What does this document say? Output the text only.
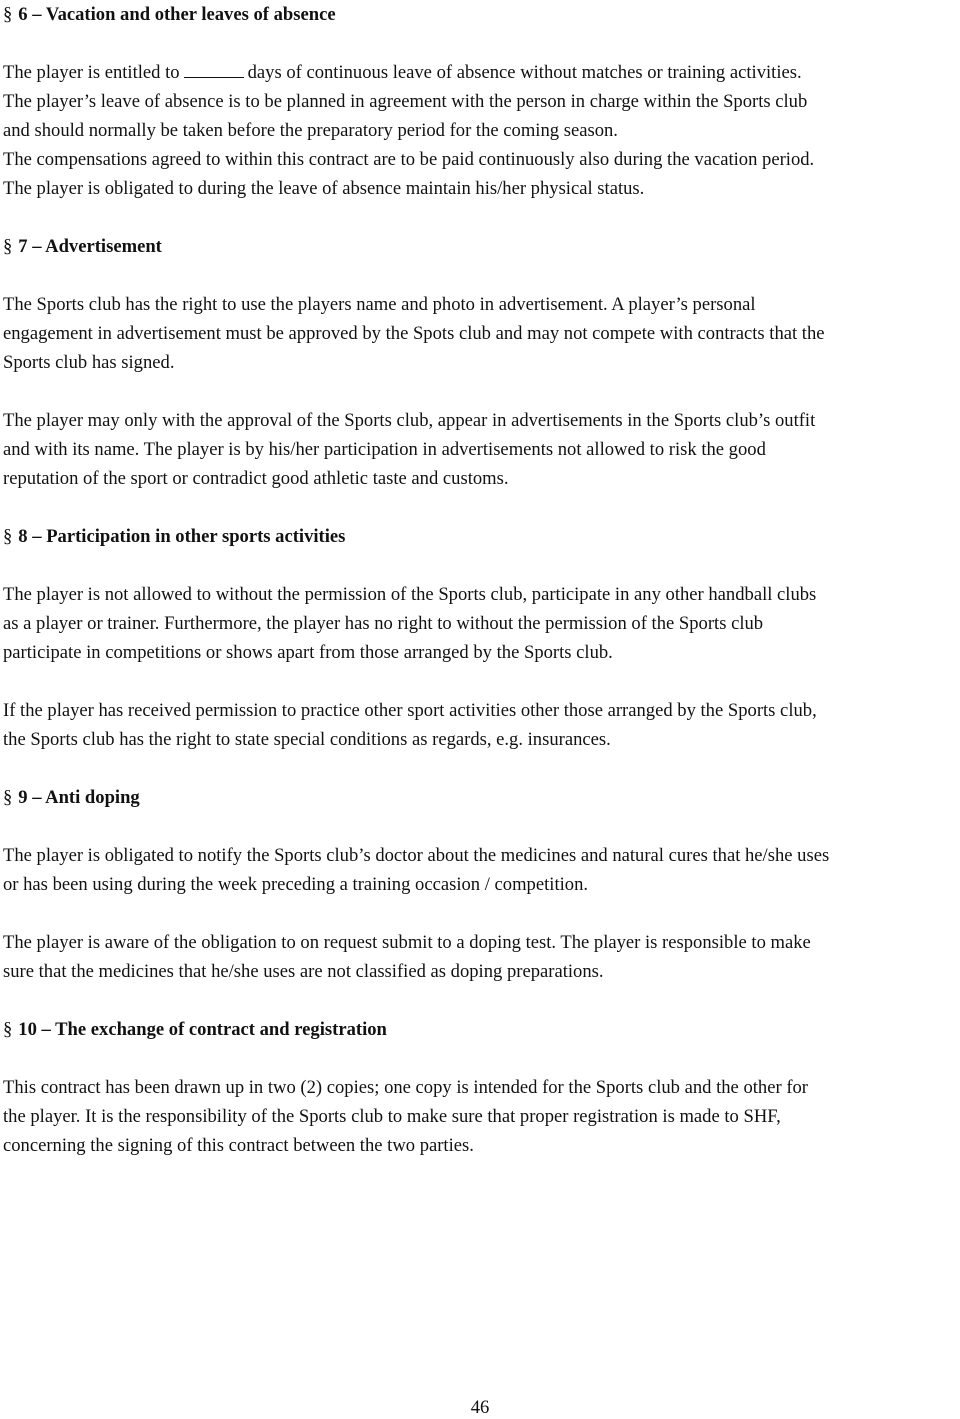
§ 6 – Vacation and other leaves of absence
The player is entitled to	days of continuous leave of absence without matches or training activities.
The player’s leave of absence is to be planned in agreement with the person in charge within the Sports club
and should normally be taken before the preparatory period for the coming season.
The compensations agreed to within this contract are to be paid continuously also during the vacation period.
The player is obligated to during the leave of absence maintain his/her physical status.
§ 7 – Advertisement
The Sports club has the right to use the players name and photo in advertisement. A player’s personal
engagement in advertisement must be approved by the Spots club and may not compete with contracts that the
Sports club has signed.
The player may only with the approval of the Sports club, appear in advertisements in the Sports club’s outfit
and with its name. The player is by his/her participation in advertisements not allowed to risk the good
reputation of the sport or contradict good athletic taste and customs.
§ 8 – Participation in other sports activities
The player is not allowed to without the permission of the Sports club, participate in any other handball clubs
as a player or trainer. Furthermore, the player has no right to without the permission of the Sports club
participate in competitions or shows apart from those arranged by the Sports club.
If the player has received permission to practice other sport activities other those arranged by the Sports club,
the Sports club has the right to state special conditions as regards, e.g. insurances.
§ 9 – Anti doping
The player is obligated to notify the Sports club’s doctor about the medicines and natural cures that he/she uses
or has been using during the week preceding a training occasion / competition.
The player is aware of the obligation to on request submit to a doping test. The player is responsible to make
sure that the medicines that he/she uses are not classified as doping preparations.
§ 10 – The exchange of contract and registration
This contract has been drawn up in two (2) copies; one copy is intended for the Sports club and the other for
the player. It is the responsibility of the Sports club to make sure that proper registration is made to SHF,
concerning the signing of this contract between the two parties.
46
